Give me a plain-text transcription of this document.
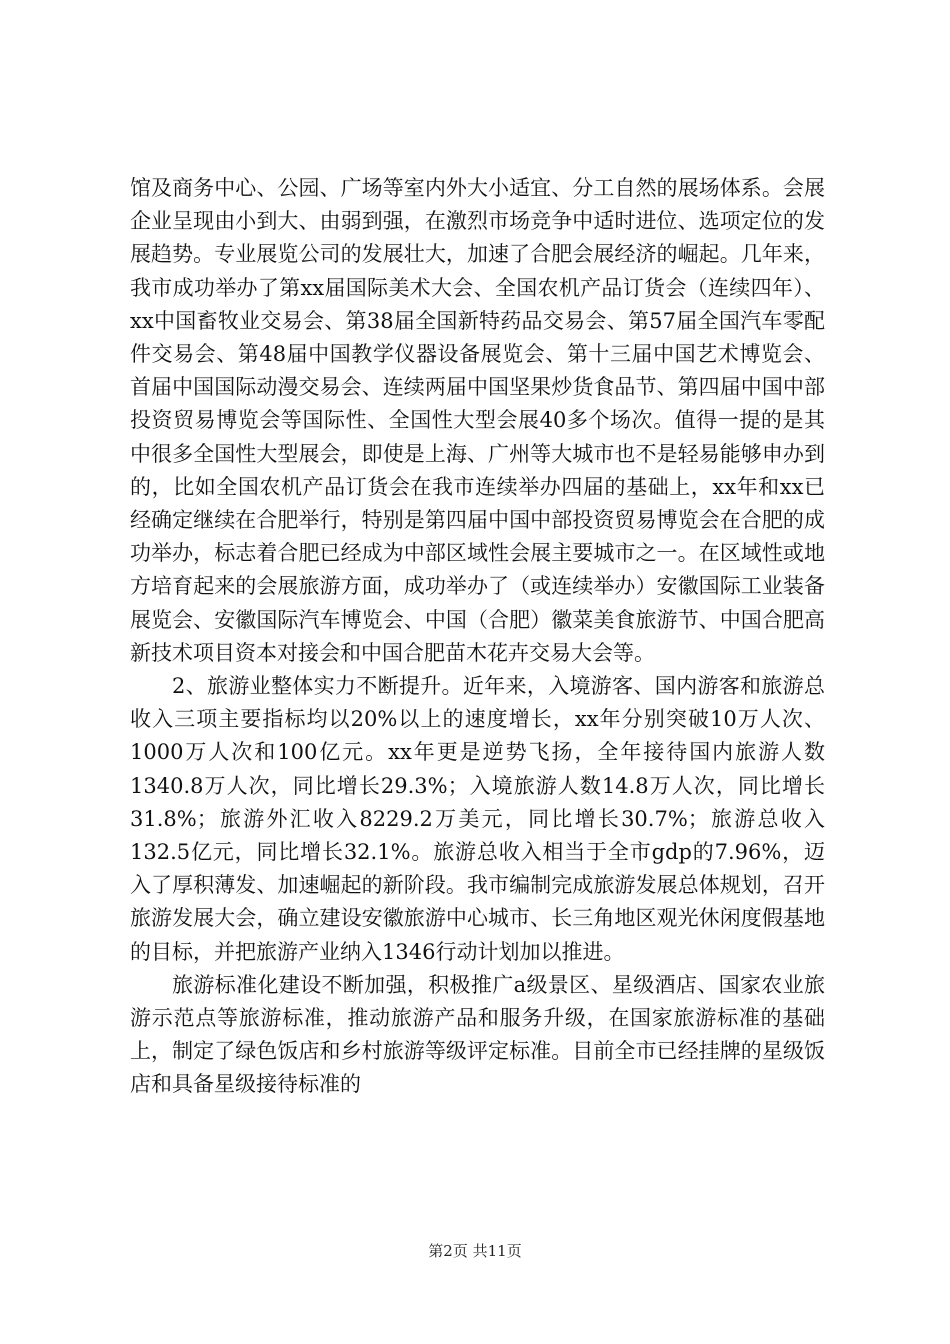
馆及商务中心、公园、广场等室内外大小适宜、分工自然的展场体系。会展企业呈现由小到大、由弱到强，在激烈市场竞争中适时进位、选项定位的发展趋势。专业展览公司的发展壮大，加速了合肥会展经济的崛起。几年来，我市成功举办了第xx届国际美术大会、全国农机产品订货会（连续四年）、xx中国畜牧业交易会、第38届全国新特药品交易会、第57届全国汽车零配件交易会、第48届中国教学仪器设备展览会、第十三届中国艺术博览会、首届中国国际动漫交易会、连续两届中国坚果炒货食品节、第四届中国中部投资贸易博览会等国际性、全国性大型会展40多个场次。值得一提的是其中很多全国性大型展会，即使是上海、广州等大城市也不是轻易能够申办到的，比如全国农机产品订货会在我市连续举办四届的基础上，xx年和xx已经确定继续在合肥举行，特别是第四届中国中部投资贸易博览会在合肥的成功举办，标志着合肥已经成为中部区域性会展主要城市之一。在区域性或地方培育起来的会展旅游方面，成功举办了（或连续举办）安徽国际工业装备展览会、安徽国际汽车博览会、中国（合肥）徽菜美食旅游节、中国合肥高新技术项目资本对接会和中国合肥苗木花卉交易大会等。

2、旅游业整体实力不断提升。近年来，入境游客、国内游客和旅游总收入三项主要指标均以20%以上的速度增长，xx年分别突破10万人次、1000万人次和100亿元。xx年更是逆势飞扬，全年接待国内旅游人数1340.8万人次，同比增长29.3%；入境旅游人数14.8万人次，同比增长31.8%；旅游外汇收入8229.2万美元，同比增长30.7%；旅游总收入132.5亿元，同比增长32.1%。旅游总收入相当于全市gdp的7.96%，迈入了厚积薄发、加速崛起的新阶段。我市编制完成旅游发展总体规划，召开旅游发展大会，确立建设安徽旅游中心城市、长三角地区观光休闲度假基地的目标，并把旅游产业纳入1346行动计划加以推进。

旅游标准化建设不断加强，积极推广a级景区、星级酒店、国家农业旅游示范点等旅游标准，推动旅游产品和服务升级，在国家旅游标准的基础上，制定了绿色饭店和乡村旅游等级评定标准。目前全市已经挂牌的星级饭店和具备星级接待标准的

第2页 共11页
